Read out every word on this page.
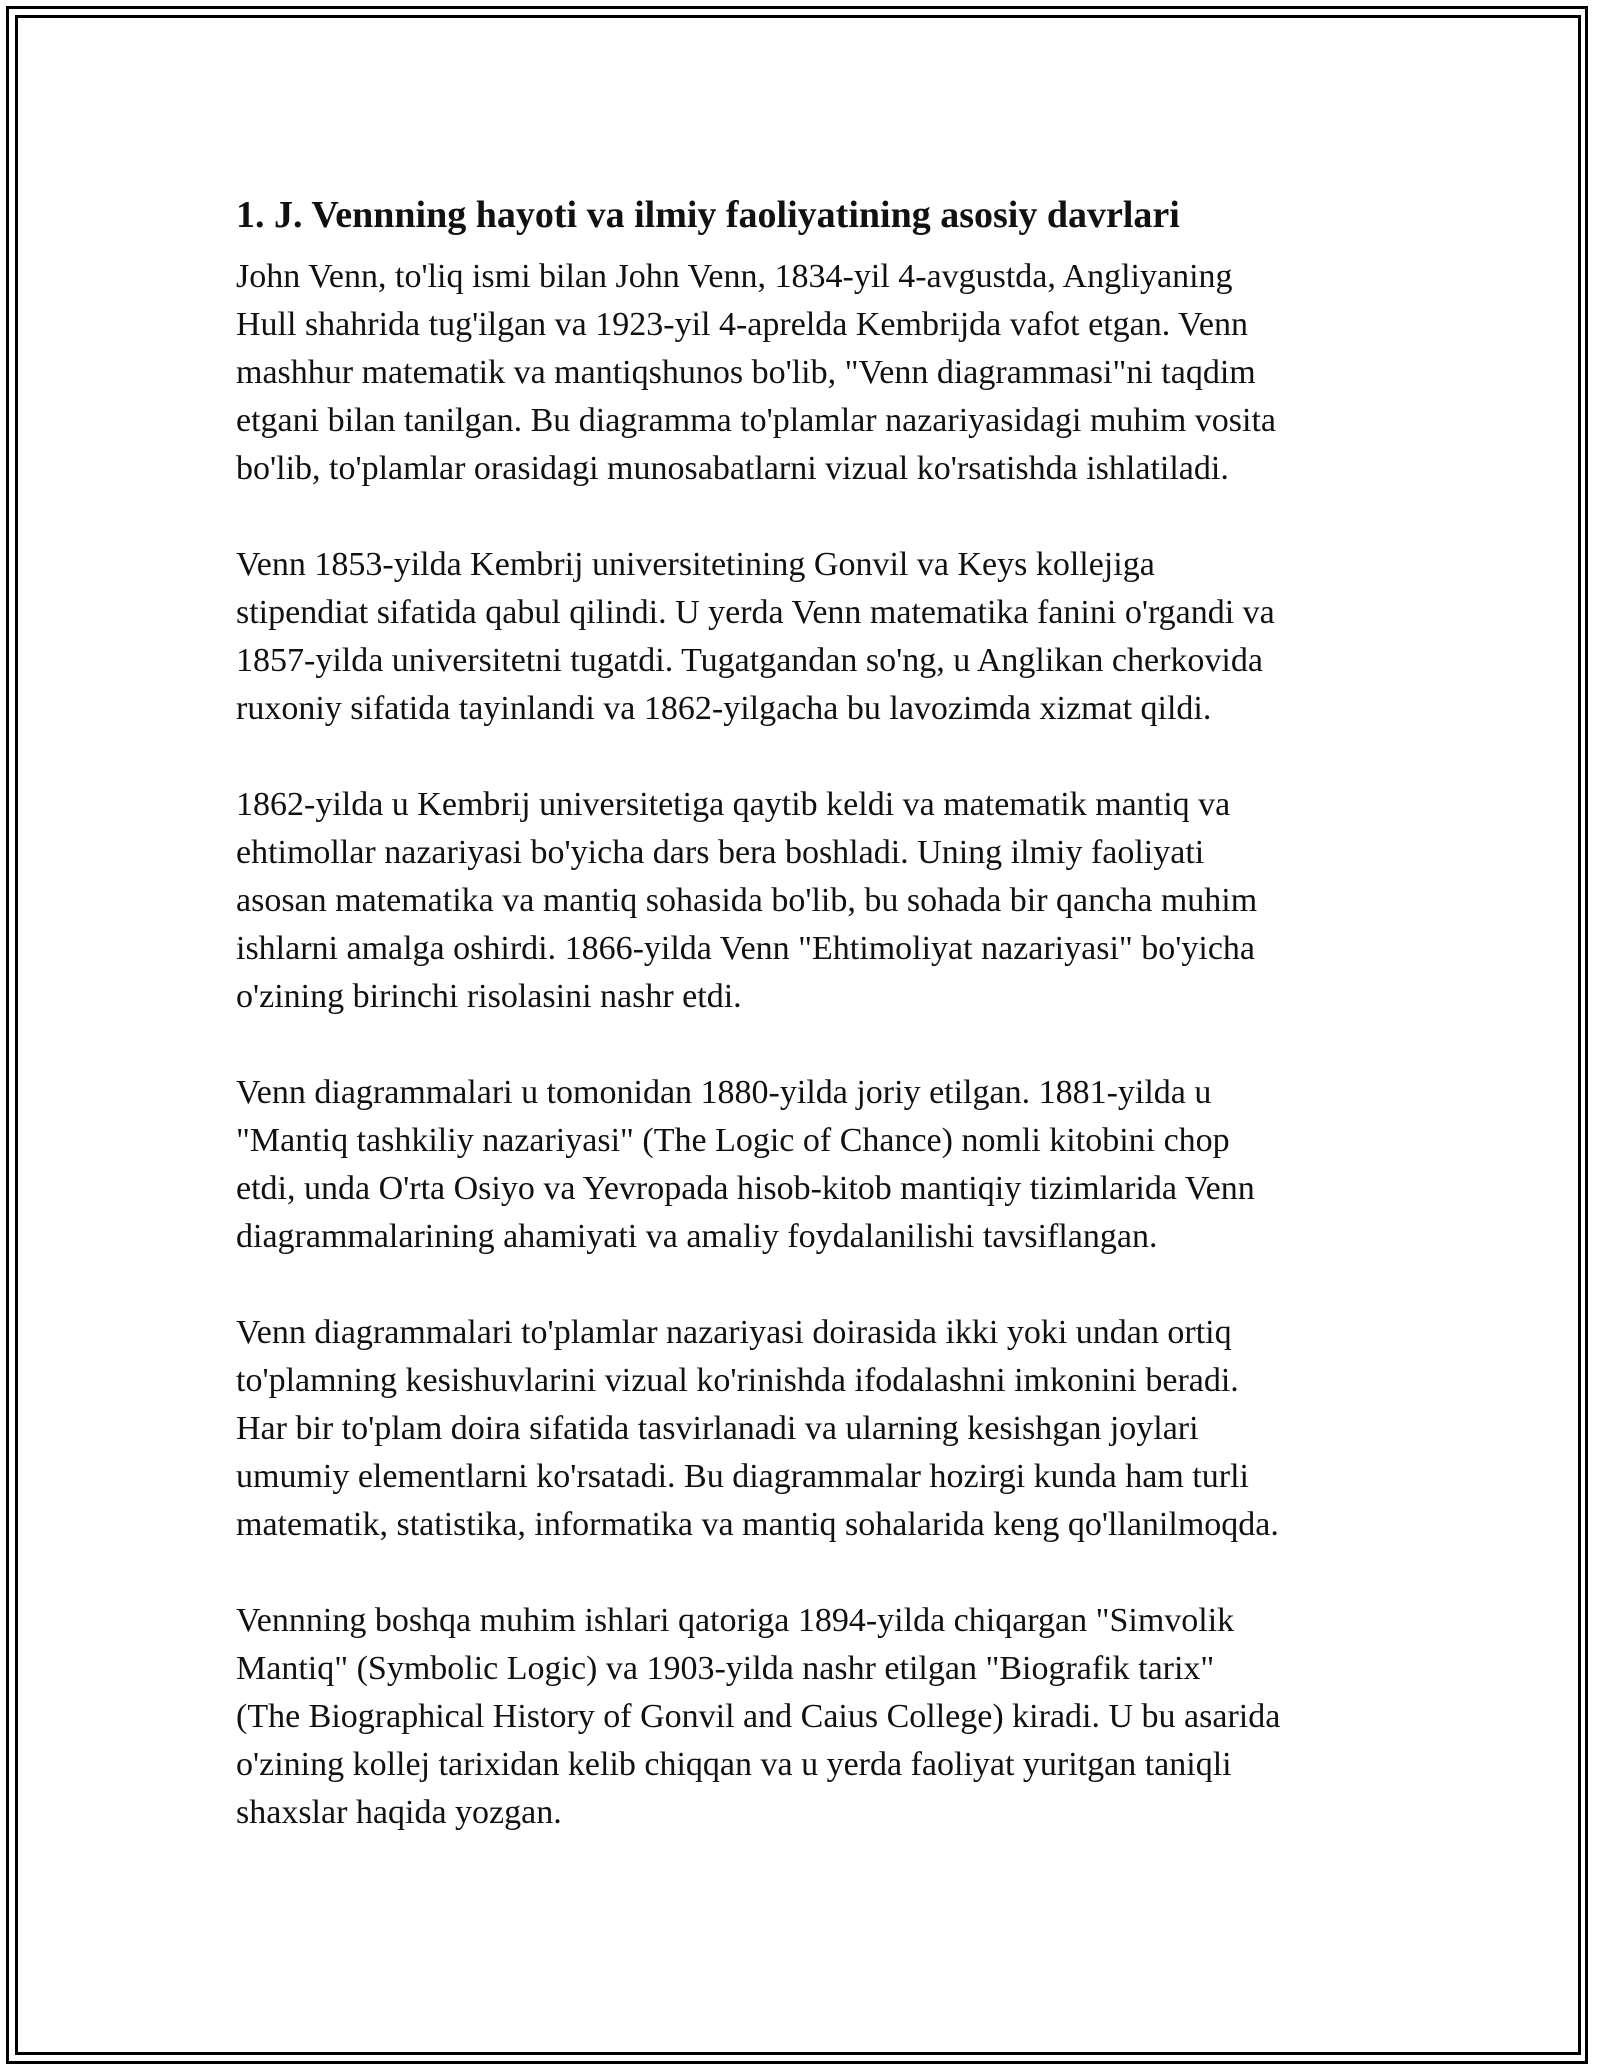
1. J. Vennning hayoti va ilmiy faoliyatining asosiy davrlari
John Venn, to'liq ismi bilan John Venn, 1834-yil 4-avgustda, Angliyaning
Hull shahrida tug'ilgan va 1923-yil 4-aprelda Kembrijda vafot etgan. Venn
mashhur matematik va mantiqshunos bo'lib, "Venn diagrammasi"ni taqdim
etgani bilan tanilgan. Bu diagramma to'plamlar nazariyasidagi muhim vosita
bo'lib, to'plamlar orasidagi munosabatlarni vizual ko'rsatishda ishlatiladi.
Venn 1853-yilda Kembrij universitetining Gonvil va Keys kollejiga
stipendiat sifatida qabul qilindi. U yerda Venn matematika fanini o'rgandi va
1857-yilda universitetni tugatdi. Tugatgandan so'ng, u Anglikan cherkovida
ruxoniy sifatida tayinlandi va 1862-yilgacha bu lavozimda xizmat qildi.
1862-yilda u Kembrij universitetiga qaytib keldi va matematik mantiq va
ehtimollar nazariyasi bo'yicha dars bera boshladi. Uning ilmiy faoliyati
asosan matematika va mantiq sohasida bo'lib, bu sohada bir qancha muhim
ishlarni amalga oshirdi. 1866-yilda Venn "Ehtimoliyat nazariyasi" bo'yicha
o'zining birinchi risolasini nashr etdi.
Venn diagrammalari u tomonidan 1880-yilda joriy etilgan. 1881-yilda u
"Mantiq tashkiliy nazariyasi" (The Logic of Chance) nomli kitobini chop
etdi, unda O'rta Osiyo va Yevropada hisob-kitob mantiqiy tizimlarida Venn
diagrammalarining ahamiyati va amaliy foydalanilishi tavsiflangan.
Venn diagrammalari to'plamlar nazariyasi doirasida ikki yoki undan ortiq
to'plamning kesishuvlarini vizual ko'rinishda ifodalashni imkonini beradi.
Har bir to'plam doira sifatida tasvirlanadi va ularning kesishgan joylari
umumiy elementlarni ko'rsatadi. Bu diagrammalar hozirgi kunda ham turli
matematik, statistika, informatika va mantiq sohalarida keng qo'llanilmoqda.
Vennning boshqa muhim ishlari qatoriga 1894-yilda chiqargan "Simvolik
Mantiq" (Symbolic Logic) va 1903-yilda nashr etilgan "Biografik tarix"
(The Biographical History of Gonvil and Caius College) kiradi. U bu asarida
o'zining kollej tarixidan kelib chiqqan va u yerda faoliyat yuritgan taniqli
shaxslar haqida yozgan.
